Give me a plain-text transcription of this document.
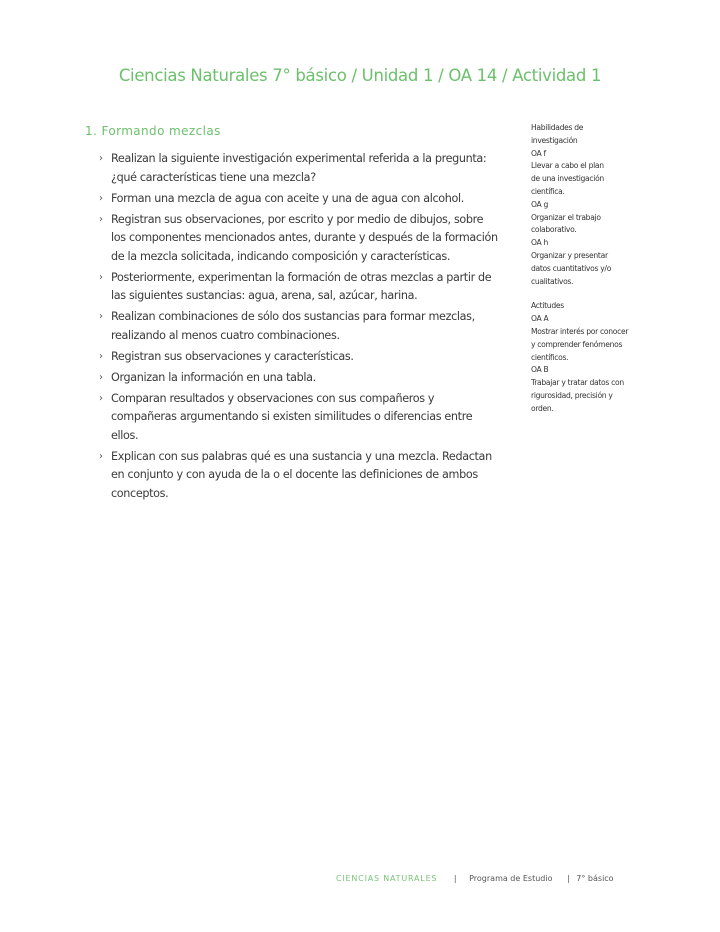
Ciencias Naturales 7° básico / Unidad 1 / OA 14 / Actividad 1
1. Formando mezclas
› Realizan la siguiente investigación experimental referida a la pregunta: ¿qué características tiene una mezcla?
› Forman una mezcla de agua con aceite y una de agua con alcohol.
› Registran sus observaciones, por escrito y por medio de dibujos, sobre los componentes mencionados antes, durante y después de la formación de la mezcla solicitada, indicando composición y características.
› Posteriormente, experimentan la formación de otras mezclas a partir de las siguientes sustancias: agua, arena, sal, azúcar, harina.
› Realizan combinaciones de sólo dos sustancias para formar mezclas, realizando al menos cuatro combinaciones.
› Registran sus observaciones y características.
› Organizan la información en una tabla.
› Comparan resultados y observaciones con sus compañeros y compañeras argumentando si existen similitudes o diferencias entre ellos.
› Explican con sus palabras qué es una sustancia y una mezcla. Redactan en conjunto y con ayuda de la o el docente las definiciones de ambos conceptos.
Habilidades de
investigación
OA f
Llevar a cabo el plan
de una investigación
científica.
OA g
Organizar el trabajo
colaborativo.
OA h
Organizar y presentar
datos cuantitativos y/o
cualitativos.
Actitudes
OA A
Mostrar interés por conocer
y comprender fenómenos
científicos.
OA B
Trabajar y tratar datos con
rigurosidad, precisión y
orden.
CIENCIAS NATURALES | Programa de Estudio | 7° básico
